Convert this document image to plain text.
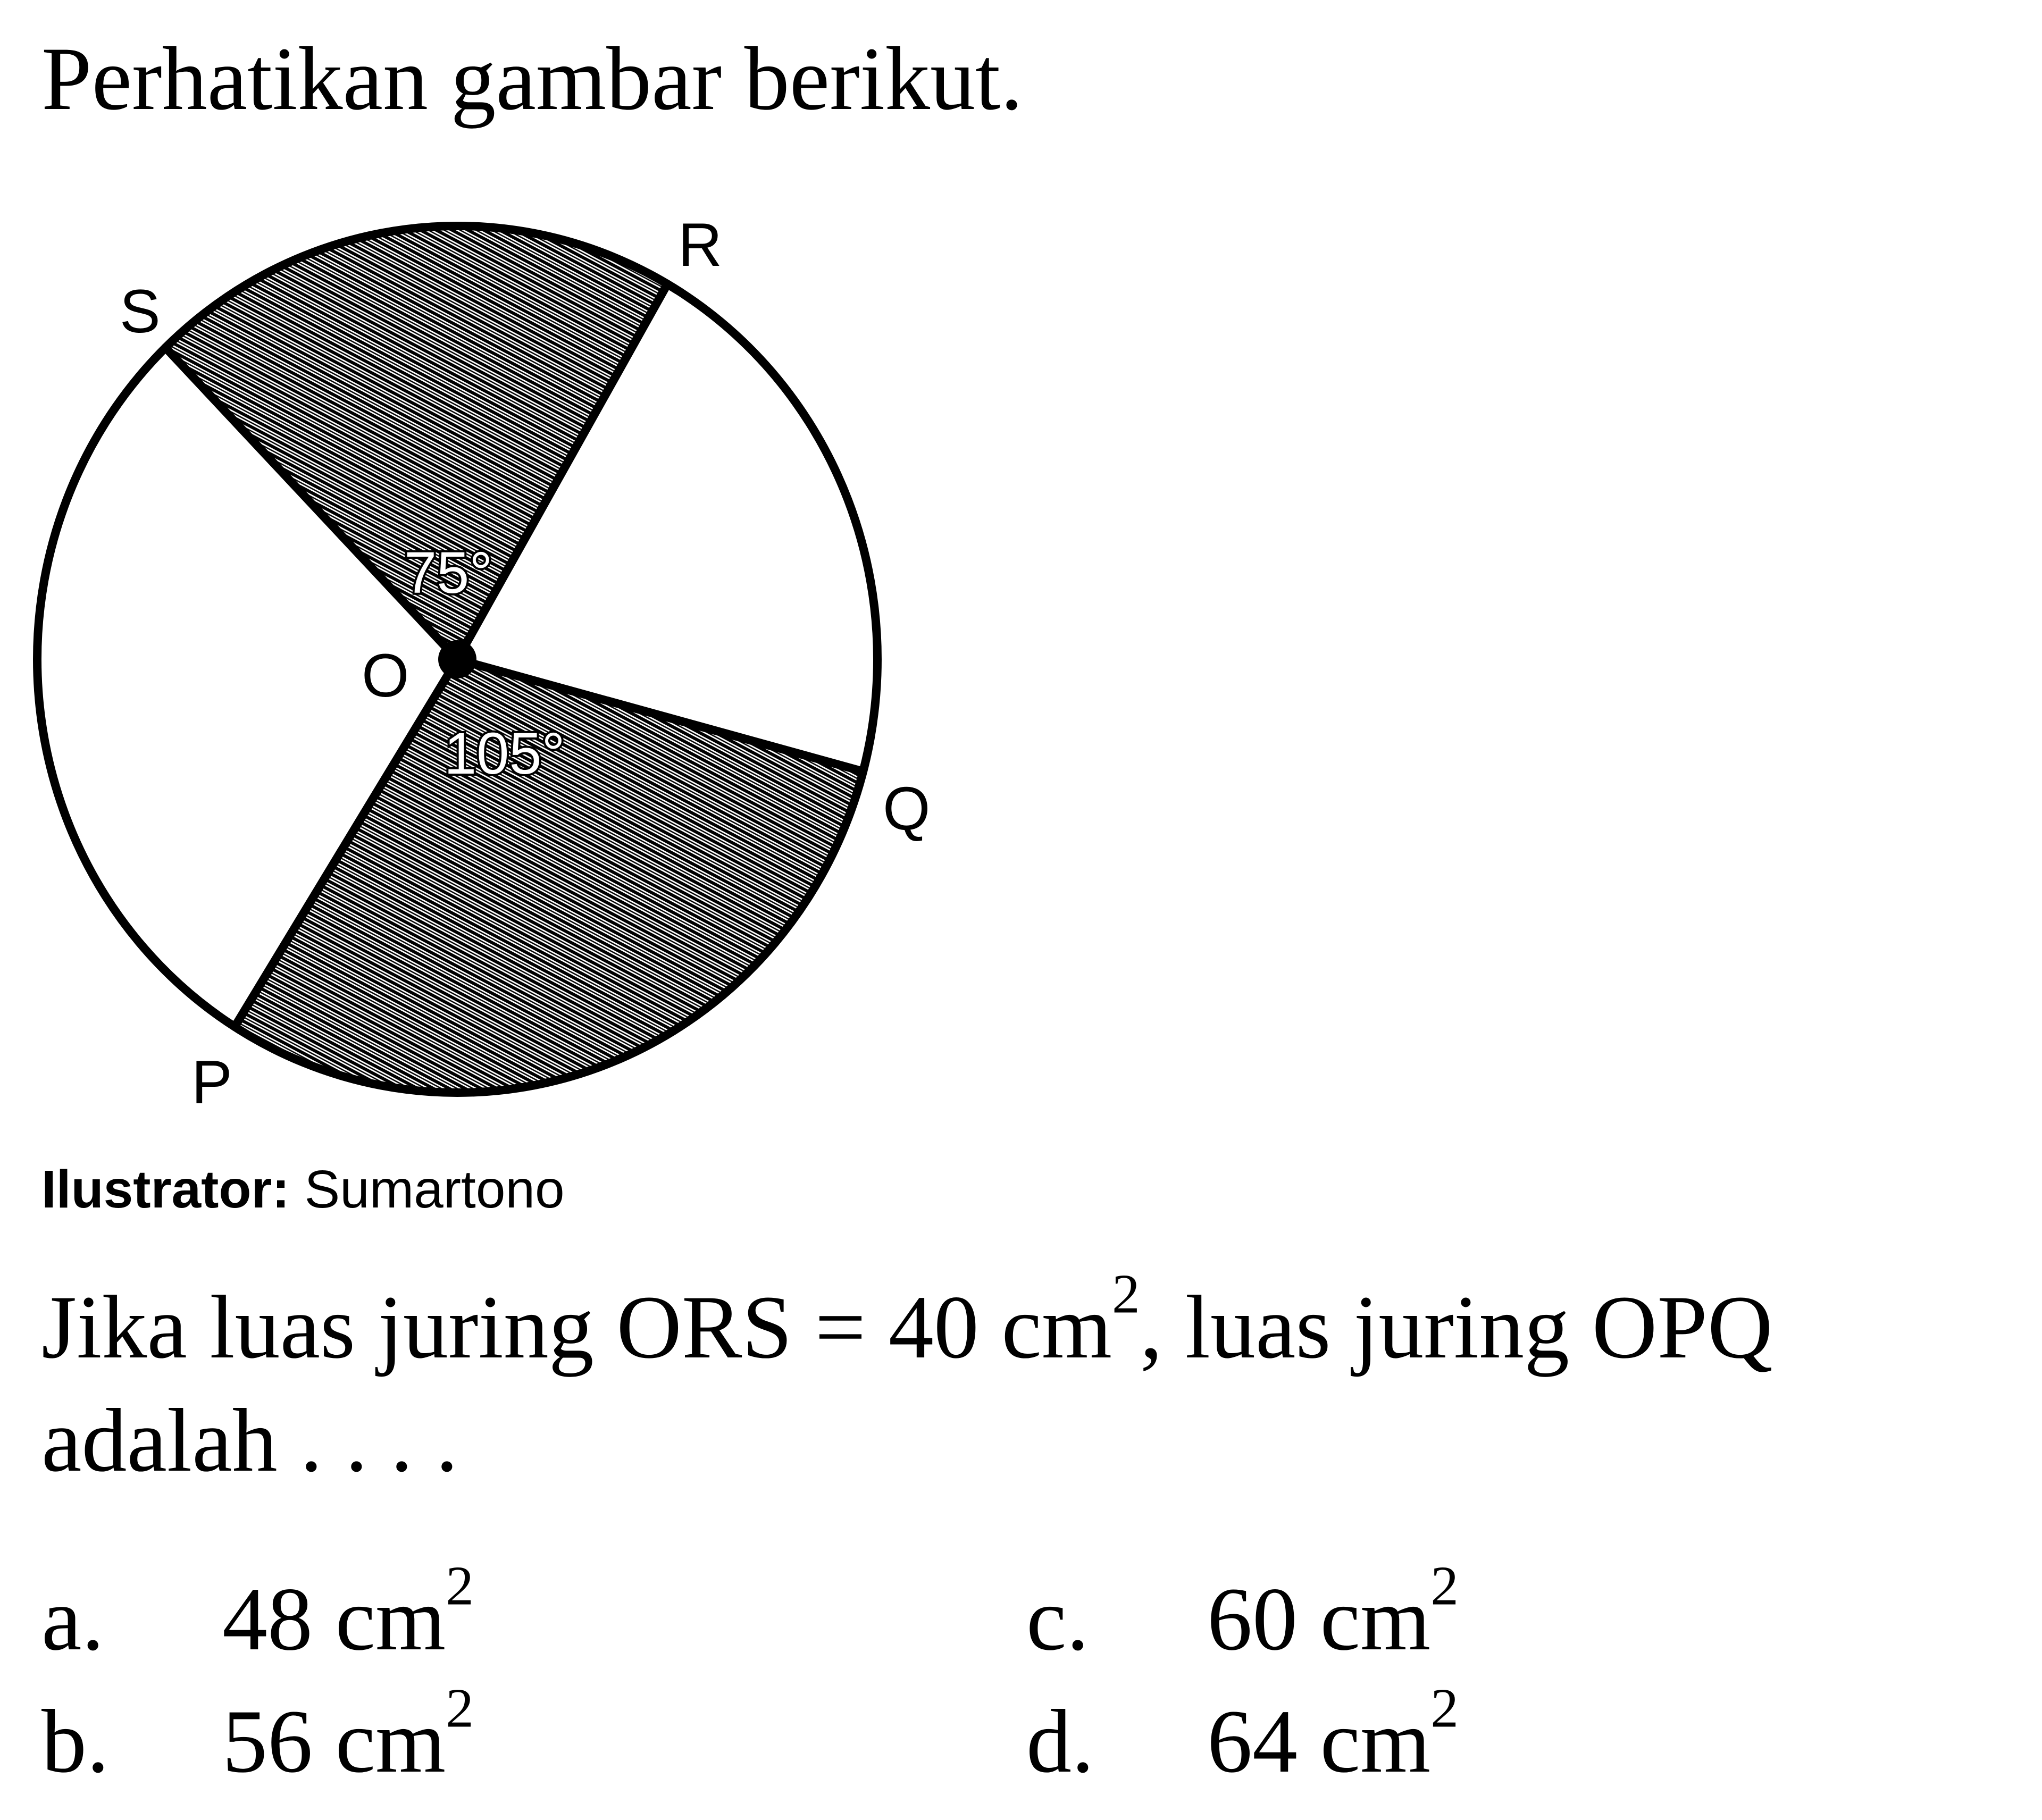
Perhatikan gambar berikut.
S
R
O
Q
P
75°
105°
Ilustrator: Sumartono
Jika luas juring ORS = 40 $cm^2$, luas juring OPQ adalah . . . .
a. 48 $cm^2$
b. 56 $cm^2$
c. 60 $cm^2$
d. 64 $cm^2$
